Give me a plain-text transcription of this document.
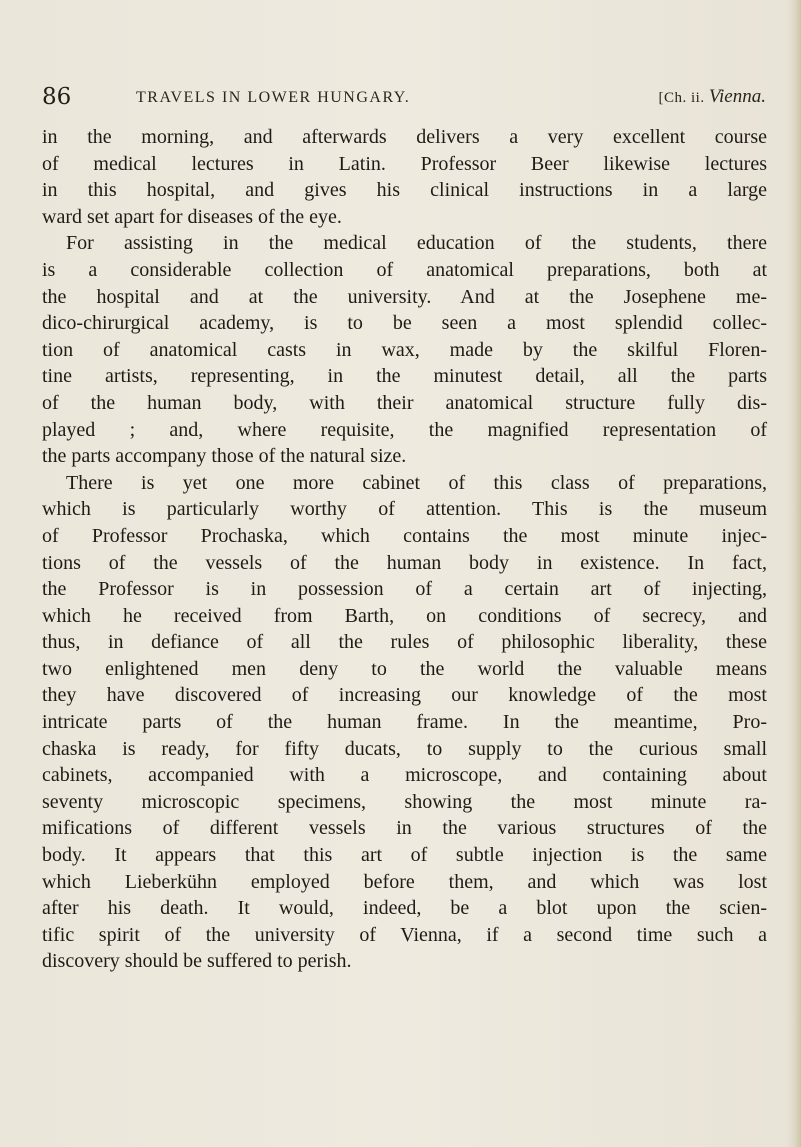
86	TRAVELS IN LOWER HUNGARY.	[Ch. ii. Vienna.
in the morning, and afterwards delivers a very excellent course
of medical lectures in Latin. Professor Beer likewise lectures
in this hospital, and gives his clinical instructions in a large
ward set apart for diseases of the eye.
For assisting in the medical education of the students, there
is a considerable collection of anatomical preparations, both at
the hospital and at the university. And at the Josephene me-
dico-chirurgical academy, is to be seen a most splendid collec-
tion of anatomical casts in wax, made by the skilful Floren-
tine artists, representing, in the minutest detail, all the parts
of the human body, with their anatomical structure fully dis-
played ; and, where requisite, the magnified representation of
the parts accompany those of the natural size.
There is yet one more cabinet of this class of preparations,
which is particularly worthy of attention. This is the museum
of Professor Prochaska, which contains the most minute injec-
tions of the vessels of the human body in existence. In fact,
the Professor is in possession of a certain art of injecting,
which he received from Barth, on conditions of secrecy, and
thus, in defiance of all the rules of philosophic liberality, these
two enlightened men deny to the world the valuable means
they have discovered of increasing our knowledge of the most
intricate parts of the human frame. In the meantime, Pro-
chaska is ready, for fifty ducats, to supply to the curious small
cabinets, accompanied with a microscope, and containing about
seventy microscopic specimens, showing the most minute ra-
mifications of different vessels in the various structures of the
body. It appears that this art of subtle injection is the same
which Lieberkühn employed before them, and which was lost
after his death. It would, indeed, be a blot upon the scien-
tific spirit of the university of Vienna, if a second time such a
discovery should be suffered to perish.
